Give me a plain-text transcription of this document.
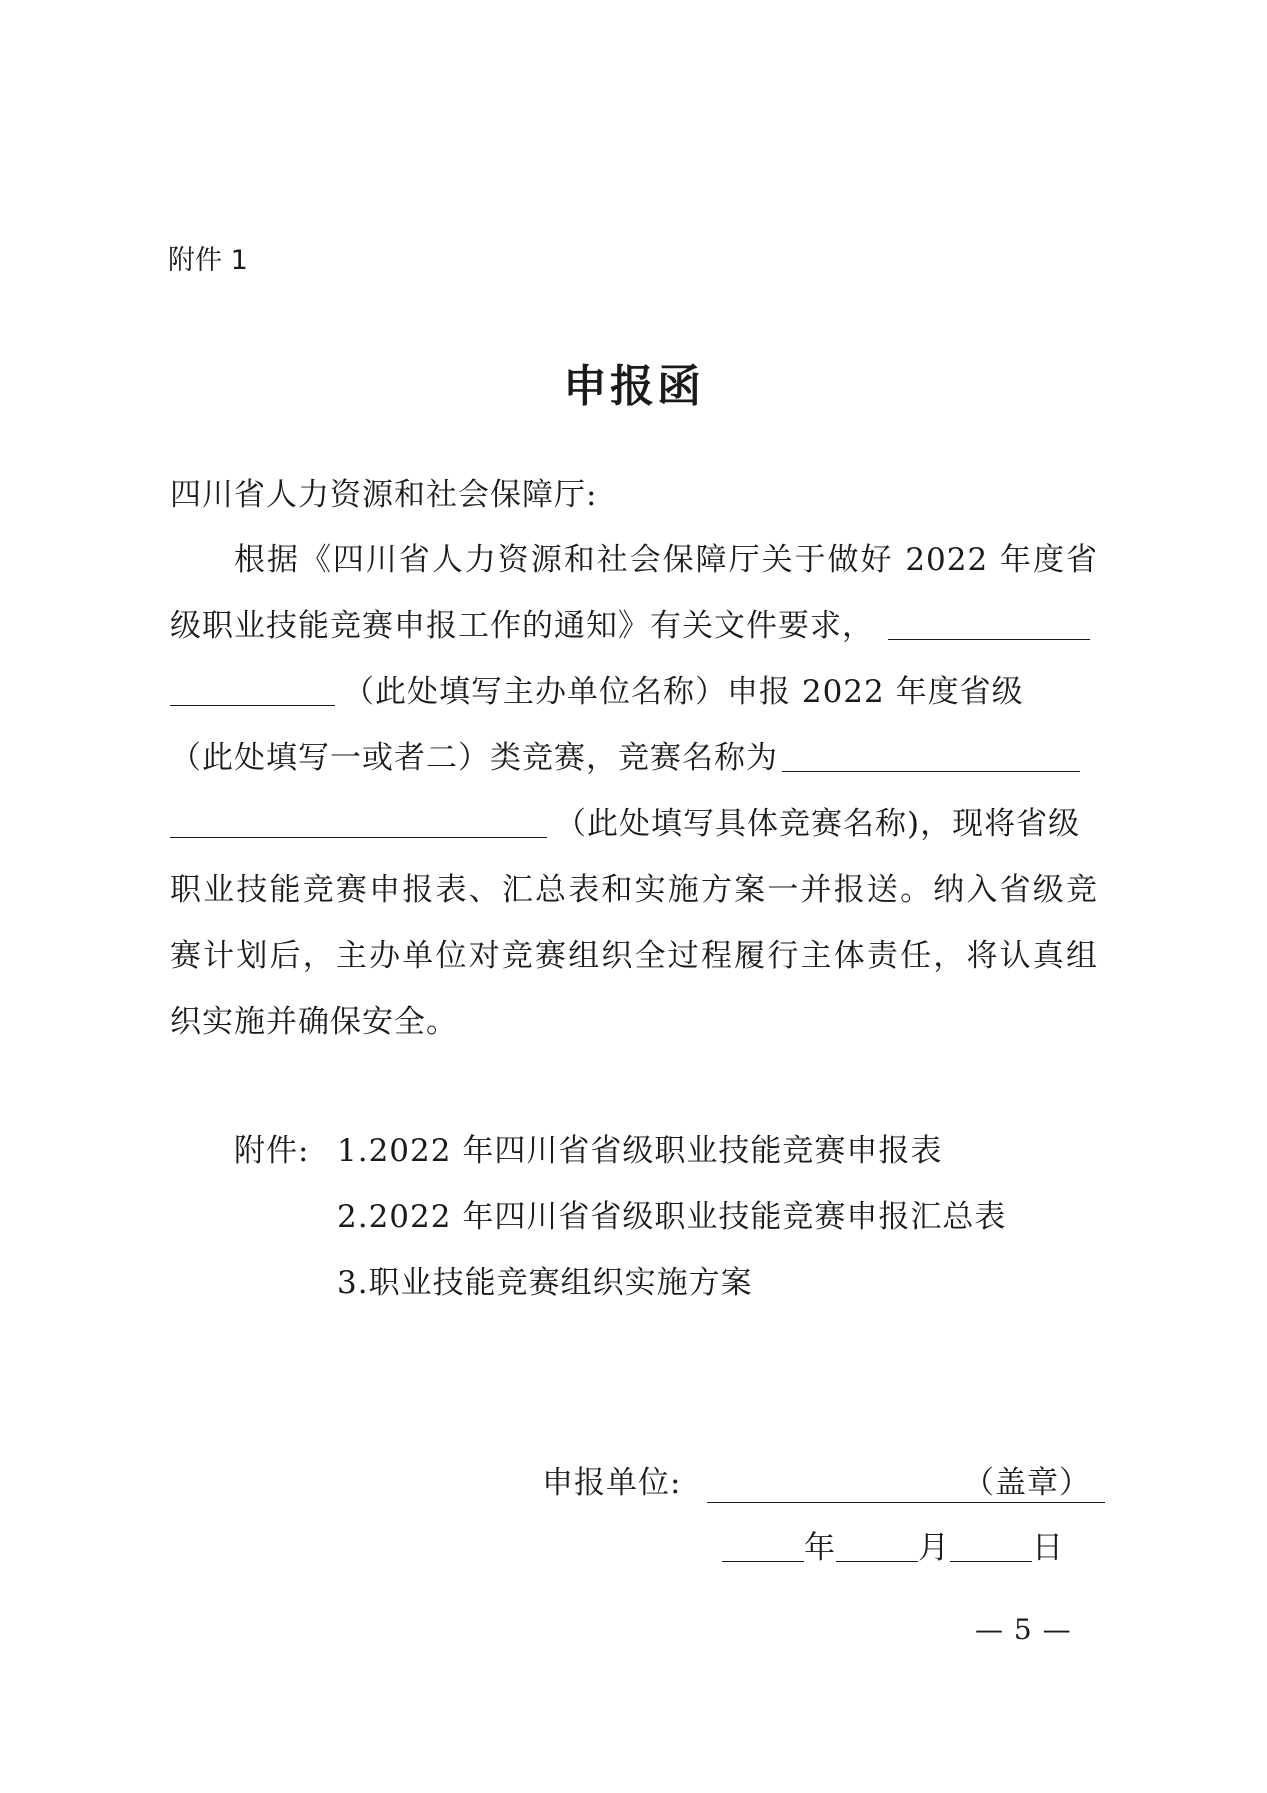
附件 1
申报函
四川省人力资源和社会保障厅:
根据《四川省人力资源和社会保障厅关于做好 2022 年度省
级职业技能竞赛申报工作的通知》有关文件要求，
（此处填写主办单位名称）申报 2022 年度省级
（此处填写一或者二）类竞赛，竞赛名称为
（此处填写具体竞赛名称)，现将省级
职业技能竞赛申报表、汇总表和实施方案一并报送。纳入省级竞
赛计划后，主办单位对竞赛组织全过程履行主体责任，将认真组
织实施并确保安全。
附件: 1.2022 年四川省省级职业技能竞赛申报表
2.2022 年四川省省级职业技能竞赛申报汇总表
3.职业技能竞赛组织实施方案
申报单位:	（盖章）
年	月	日
— 5 —
